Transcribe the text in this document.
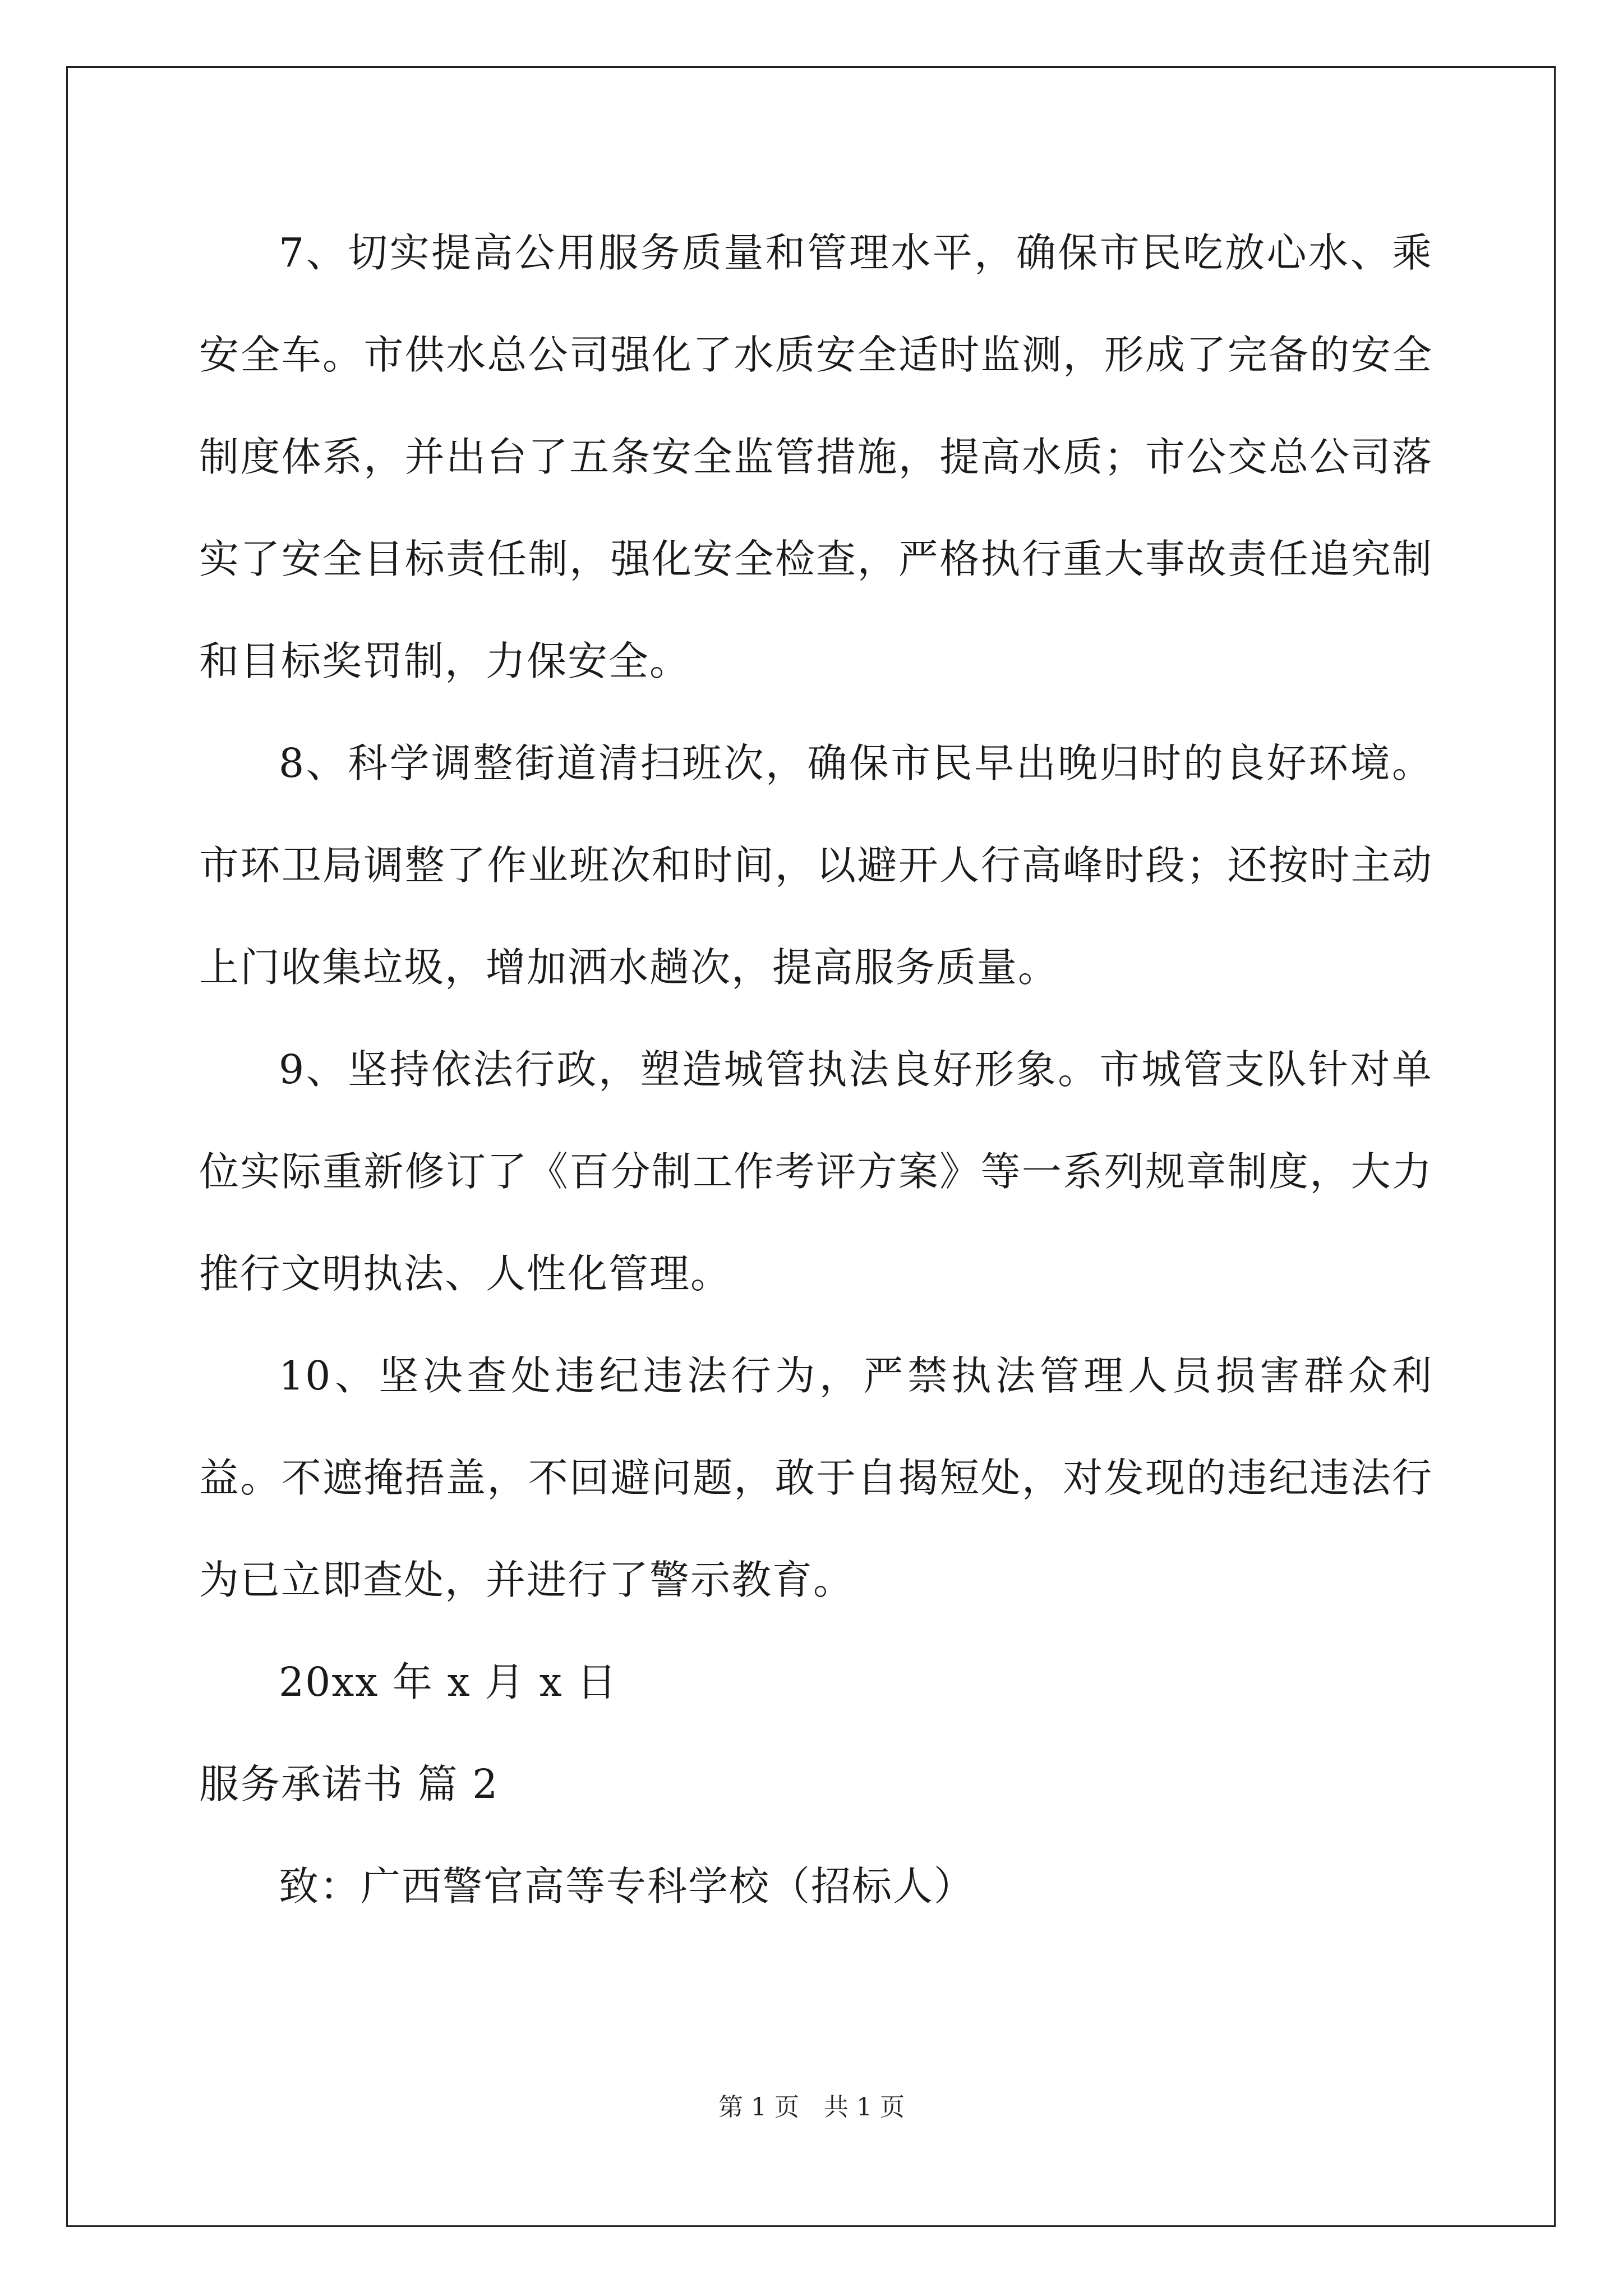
7、切实提高公用服务质量和管理水平，确保市民吃放心水、乘安全车。市供水总公司强化了水质安全适时监测，形成了完备的安全制度体系，并出台了五条安全监管措施，提高水质；市公交总公司落实了安全目标责任制，强化安全检查，严格执行重大事故责任追究制和目标奖罚制，力保安全。

8、科学调整街道清扫班次，确保市民早出晚归时的良好环境。市环卫局调整了作业班次和时间，以避开人行高峰时段；还按时主动上门收集垃圾，增加洒水趟次，提高服务质量。

9、坚持依法行政，塑造城管执法良好形象。市城管支队针对单位实际重新修订了《百分制工作考评方案》等一系列规章制度，大力推行文明执法、人性化管理。

10、坚决查处违纪违法行为，严禁执法管理人员损害群众利益。不遮掩捂盖，不回避问题，敢于自揭短处，对发现的违纪违法行为已立即查处，并进行了警示教育。

20xx 年 x 月 x 日

服务承诺书 篇 2

致：广西警官高等专科学校（招标人）

第 1 页　共 1 页
